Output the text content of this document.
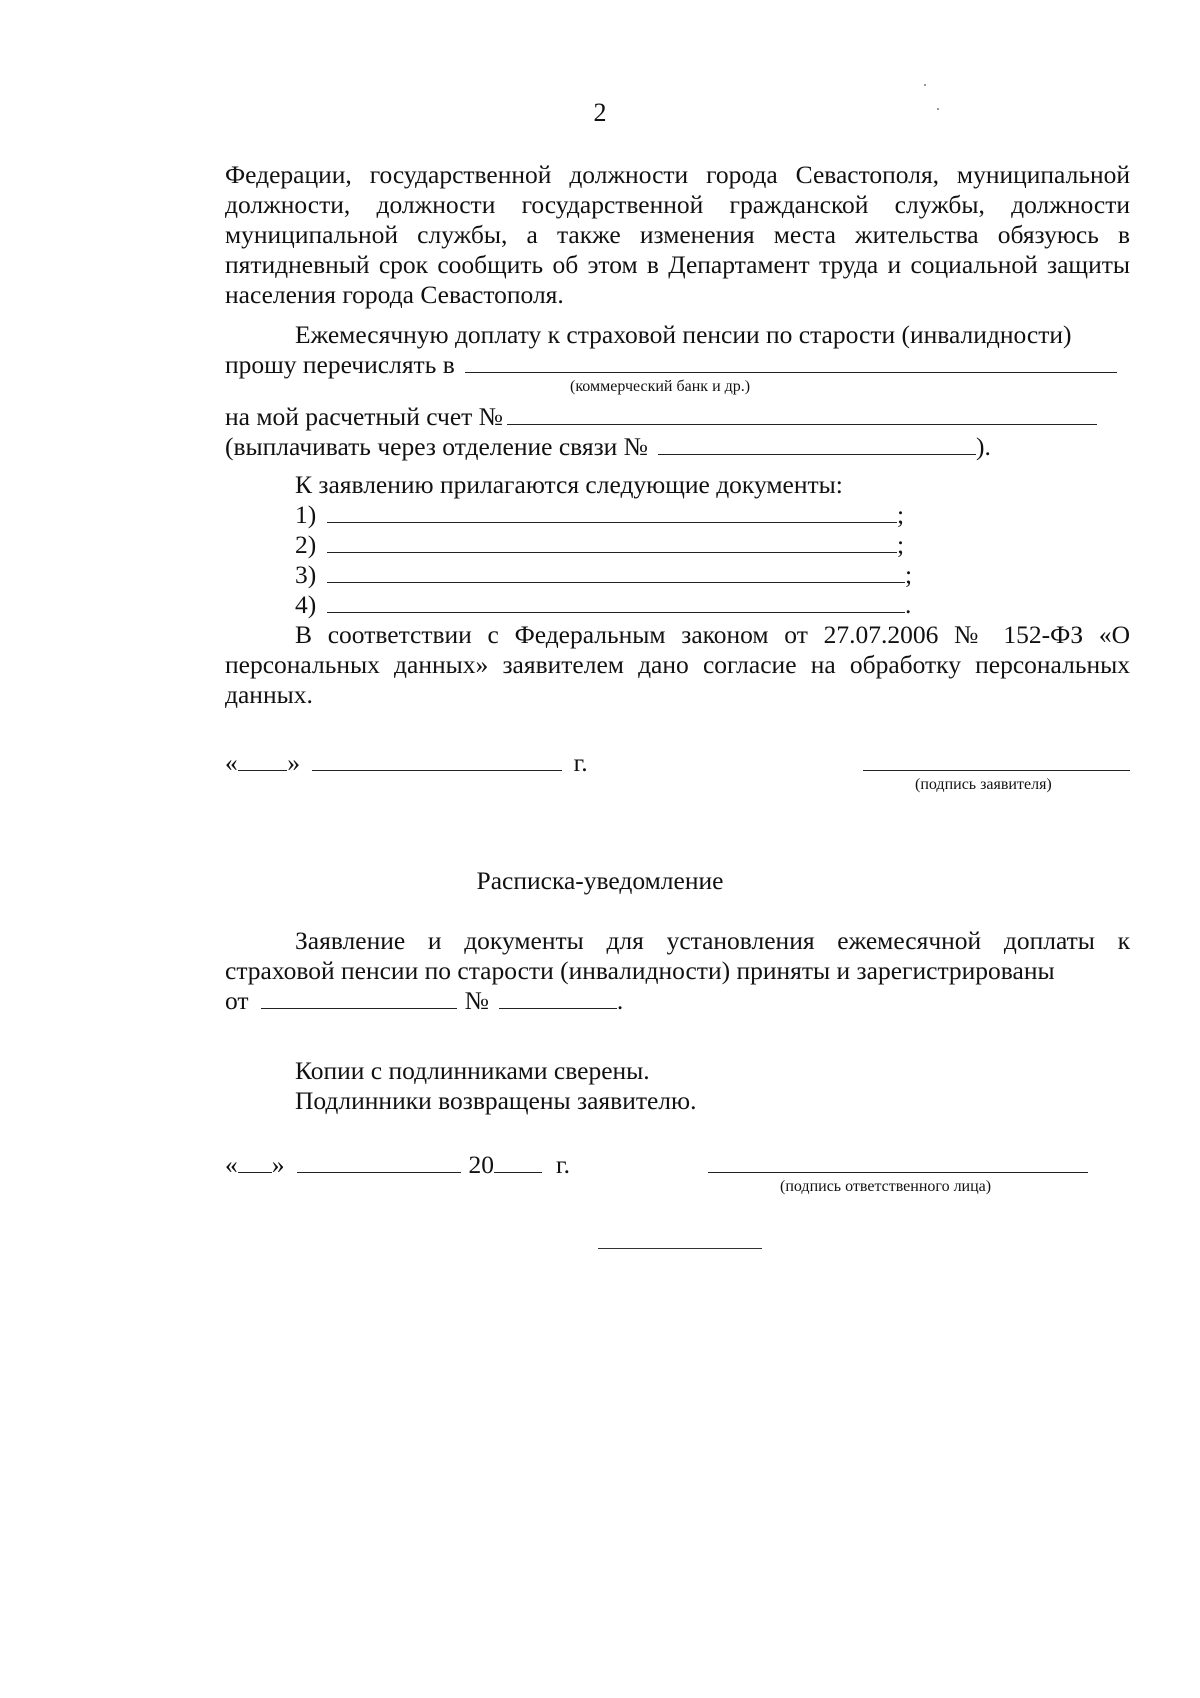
2
Федерации, государственной должности города Севастополя, муниципальной должности, должности государственной гражданской службы, должности муниципальной службы, а также изменения места жительства обязуюсь в пятидневный срок сообщить об этом в Департамент труда и социальной защиты населения города Севастополя.
Ежемесячную доплату к страховой пенсии по старости (инвалидности)
прошу перечислять в
(коммерческий банк и др.)
на мой расчетный счет №
(выплачивать через отделение связи №	).
К заявлению прилагаются следующие документы:
1)	;
2)	;
3)	;
4)	.
В соответствии с Федеральным законом от 27.07.2006 № 152-ФЗ «О персональных данных» заявителем дано согласие на обработку персональных данных.
« »	г.
(подпись заявителя)
Расписка-уведомление
Заявление и документы для установления ежемесячной доплаты к страховой пенсии по старости (инвалидности) приняты и зарегистрированы
от	№	.
Копии с подлинниками сверены.
Подлинники возвращены заявителю.
« »	20 г.
(подпись ответственного лица)
